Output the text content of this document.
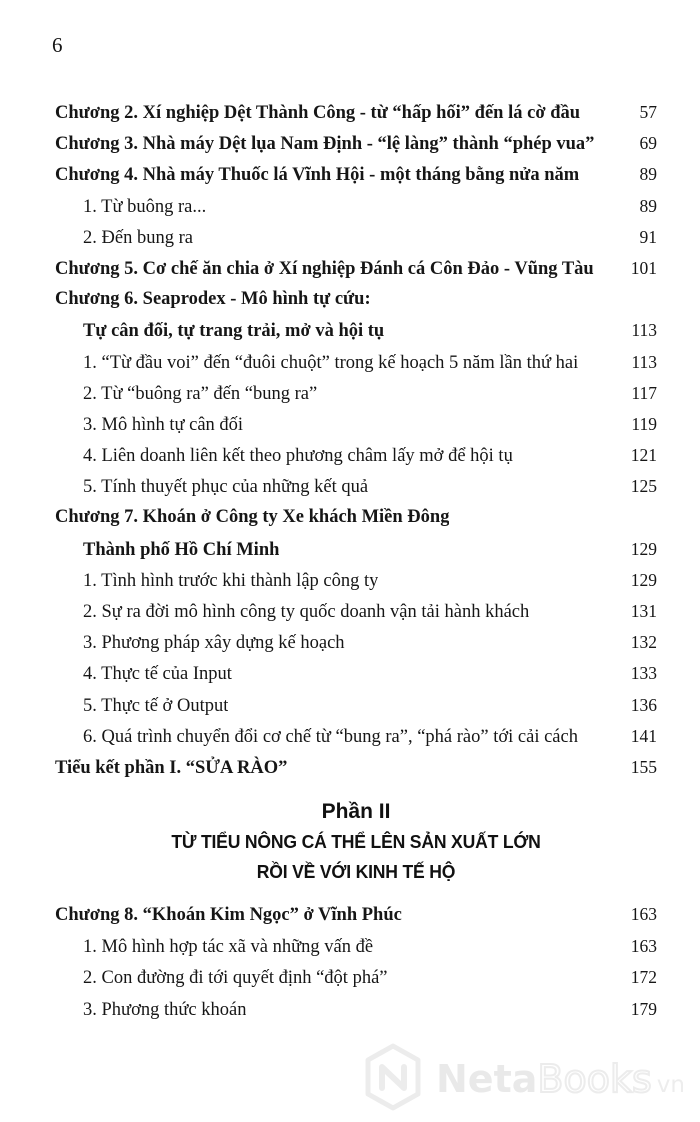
6
Chương 2. Xí nghiệp Dệt Thành Công - từ “hấp hối” đến lá cờ đầu	57
Chương 3. Nhà máy Dệt lụa Nam Định - “lệ làng” thành “phép vua”	69
Chương 4. Nhà máy Thuốc lá Vĩnh Hội - một tháng bằng nửa năm	89
1. Từ buông ra...	89
2. Đến bung ra	91
Chương 5. Cơ chế ăn chia ở Xí nghiệp Đánh cá Côn Đảo - Vũng Tàu	101
Chương 6. Seaprodex - Mô hình tự cứu:
Tự cân đối, tự trang trải, mở và hội tụ	113
1. “Từ đầu voi” đến “đuôi chuột” trong kế hoạch 5 năm lần thứ hai	113
2. Từ “buông ra” đến “bung ra”	117
3. Mô hình tự cân đối	119
4. Liên doanh liên kết theo phương châm lấy mở để hội tụ	121
5. Tính thuyết phục của những kết quả	125
Chương 7. Khoán ở Công ty Xe khách Miền Đông
Thành phố Hồ Chí Minh	129
1. Tình hình trước khi thành lập công ty	129
2. Sự ra đời mô hình công ty quốc doanh vận tải hành khách	131
3. Phương pháp xây dựng kế hoạch	132
4. Thực tế của Input	133
5. Thực tế ở Output	136
6. Quá trình chuyển đổi cơ chế từ “bung ra”, “phá rào” tới cải cách	141
Tiểu kết phần I. “SỬA RÀO”	155
Phần II
TỪ TIỂU NÔNG CÁ THỂ LÊN SẢN XUẤT LỚN
RỒI VỀ VỚI KINH TẾ HỘ
Chương 8. “Khoán Kim Ngọc” ở Vĩnh Phúc	163
1. Mô hình hợp tác xã và những vấn đề	163
2. Con đường đi tới quyết định “đột phá”	172
3. Phương thức khoán	179
Neta Books vn
